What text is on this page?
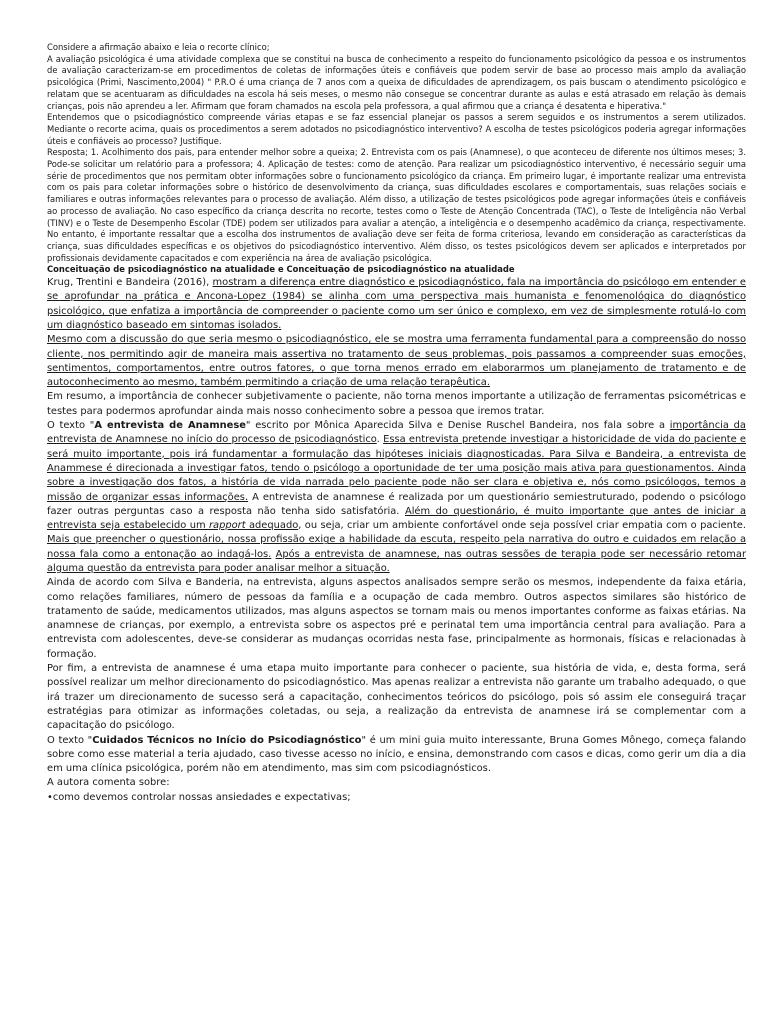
Considere a afirmação abaixo e leia o recorte clínico;

A avaliação psicológica é uma atividade complexa que se constitui na busca de conhecimento a respeito do funcionamento psicológico da pessoa e os instrumentos de avaliação caracterizam-se em procedimentos de coletas de informações úteis e confiáveis que podem servir de base ao processo mais amplo da avaliação psicológica (Primi, Nascimento,2004) " P.R.O é uma criança de 7 anos com a queixa de dificuldades de aprendizagem, os pais buscam o atendimento psicológico e relatam que se acentuaram as dificuldades na escola há seis meses, o mesmo não consegue se concentrar durante as aulas e está atrasado em relação às demais crianças, pois não aprendeu a ler. Afirmam que foram chamados na escola pela professora, a qual afirmou que a criança é desatenta e hiperativa."

Entendemos que o psicodiagnóstico compreende várias etapas e se faz essencial planejar os passos a serem seguidos e os instrumentos a serem utilizados. Mediante o recorte acima, quais os procedimentos a serem adotados no psicodiagnóstico interventivo? A escolha de testes psicológicos poderia agregar informações úteis e confiáveis ao processo? Justifique.

Resposta; 1. Acolhimento dos pais, para entender melhor sobre a queixa; 2. Entrevista com os pais (Anamnese), o que aconteceu de diferente nos últimos meses; 3. Pode-se solicitar um relatório para a professora; 4. Aplicação de testes: como de atenção. Para realizar um psicodiagnóstico interventivo, é necessário seguir uma série de procedimentos que nos permitam obter informações sobre o funcionamento psicológico da criança. Em primeiro lugar, é importante realizar uma entrevista com os pais para coletar informações sobre o histórico de desenvolvimento da criança, suas dificuldades escolares e comportamentais, suas relações sociais e familiares e outras informações relevantes para o processo de avaliação. Além disso, a utilização de testes psicológicos pode agregar informações úteis e confiáveis ao processo de avaliação. No caso específico da criança descrita no recorte, testes como o Teste de Atenção Concentrada (TAC), o Teste de Inteligência não Verbal (TINV) e o Teste de Desempenho Escolar (TDE) podem ser utilizados para avaliar a atenção, a inteligência e o desempenho acadêmico da criança, respectivamente. No entanto, é importante ressaltar que a escolha dos instrumentos de avaliação deve ser feita de forma criteriosa, levando em consideração as características da criança, suas dificuldades específicas e os objetivos do psicodiagnóstico interventivo. Além disso, os testes psicológicos devem ser aplicados e interpretados por profissionais devidamente capacitados e com experiência na área de avaliação psicológica.

Conceituação de psicodiagnóstico na atualidade e Conceituação de psicodiagnóstico na atualidade

Krug, Trentini e Bandeira (2016), mostram a diferença entre diagnóstico e psicodiagnóstico, fala na importância do psicólogo em entender e se aprofundar na prática e Ancona-Lopez (1984) se alinha com uma perspectiva mais humanista e fenomenológica do diagnóstico psicológico, que enfatiza a importância de compreender o paciente como um ser único e complexo, em vez de simplesmente rotulá-lo com um diagnóstico baseado em sintomas isolados.

Mesmo com a discussão do que seria mesmo o psicodiagnóstico, ele se mostra uma ferramenta fundamental para a compreensão do nosso cliente, nos permitindo agir de maneira mais assertiva no tratamento de seus problemas, pois passamos a compreender suas emoções, sentimentos, comportamentos, entre outros fatores, o que torna menos errado em elaborarmos um planejamento de tratamento e de autoconhecimento ao mesmo, também permitindo a criação de uma relação terapêutica.

Em resumo, a importância de conhecer subjetivamente o paciente, não torna menos importante a utilização de ferramentas psicométricas e testes para podermos aprofundar ainda mais nosso conhecimento sobre a pessoa que iremos tratar.

O texto "A entrevista de Anamnese" escrito por Mônica Aparecida Silva e Denise Ruschel Bandeira, nos fala sobre a importância da entrevista de Anamnese no início do processo de psicodiagnóstico. Essa entrevista pretende investigar a historicidade de vida do paciente e será muito importante, pois irá fundamentar a formulação das hipóteses iniciais diagnosticadas. Para Silva e Bandeira, a entrevista de Anammese é direcionada a investigar fatos, tendo o psicólogo a oportunidade de ter uma posição mais ativa para questionamentos. Ainda sobre a investigação dos fatos, a história de vida narrada pelo paciente pode não ser clara e objetiva e, nós como psicólogos, temos a missão de organizar essas informações. A entrevista de anamnese é realizada por um questionário semiestruturado, podendo o psicólogo fazer outras perguntas caso a resposta não tenha sido satisfatória. Além do questionário, é muito importante que antes de iniciar a entrevista seja estabelecido um rapport adequado, ou seja, criar um ambiente confortável onde seja possível criar empatia com o paciente. Mais que preencher o questionário, nossa profissão exige a habilidade da escuta, respeito pela narrativa do outro e cuidados em relação a nossa fala como a entonação ao indagá-los. Após a entrevista de anamnese, nas outras sessões de terapia pode ser necessário retomar alguma questão da entrevista para poder analisar melhor a situação.

Ainda de acordo com Silva e Banderia, na entrevista, alguns aspectos analisados sempre serão os mesmos, independente da faixa etária, como relações familiares, número de pessoas da família e a ocupação de cada membro. Outros aspectos similares são histórico de tratamento de saúde, medicamentos utilizados, mas alguns aspectos se tornam mais ou menos importantes conforme as faixas etárias. Na anamnese de crianças, por exemplo, a entrevista sobre os aspectos pré e perinatal tem uma importância central para avaliação. Para a entrevista com adolescentes, deve-se considerar as mudanças ocorridas nesta fase, principalmente as hormonais, físicas e relacionadas à formação.

Por fim, a entrevista de anamnese é uma etapa muito importante para conhecer o paciente, sua história de vida, e, desta forma, será possível realizar um melhor direcionamento do psicodiagnóstico. Mas apenas realizar a entrevista não garante um trabalho adequado, o que irá trazer um direcionamento de sucesso será a capacitação, conhecimentos teóricos do psicólogo, pois só assim ele conseguirá traçar estratégias para otimizar as informações coletadas, ou seja, a realização da entrevista de anamnese irá se complementar com a capacitação do psicólogo.

O texto "Cuidados Técnicos no Início do Psicodiagnóstico" é um mini guia muito interessante, Bruna Gomes Mônego, começa falando sobre como esse material a teria ajudado, caso tivesse acesso no início, e ensina, demonstrando com casos e dicas, como gerir um dia a dia em uma clínica psicológica, porém não em atendimento, mas sim com psicodiagnósticos.

A autora comenta sobre:

•como devemos controlar nossas ansiedades e expectativas;
